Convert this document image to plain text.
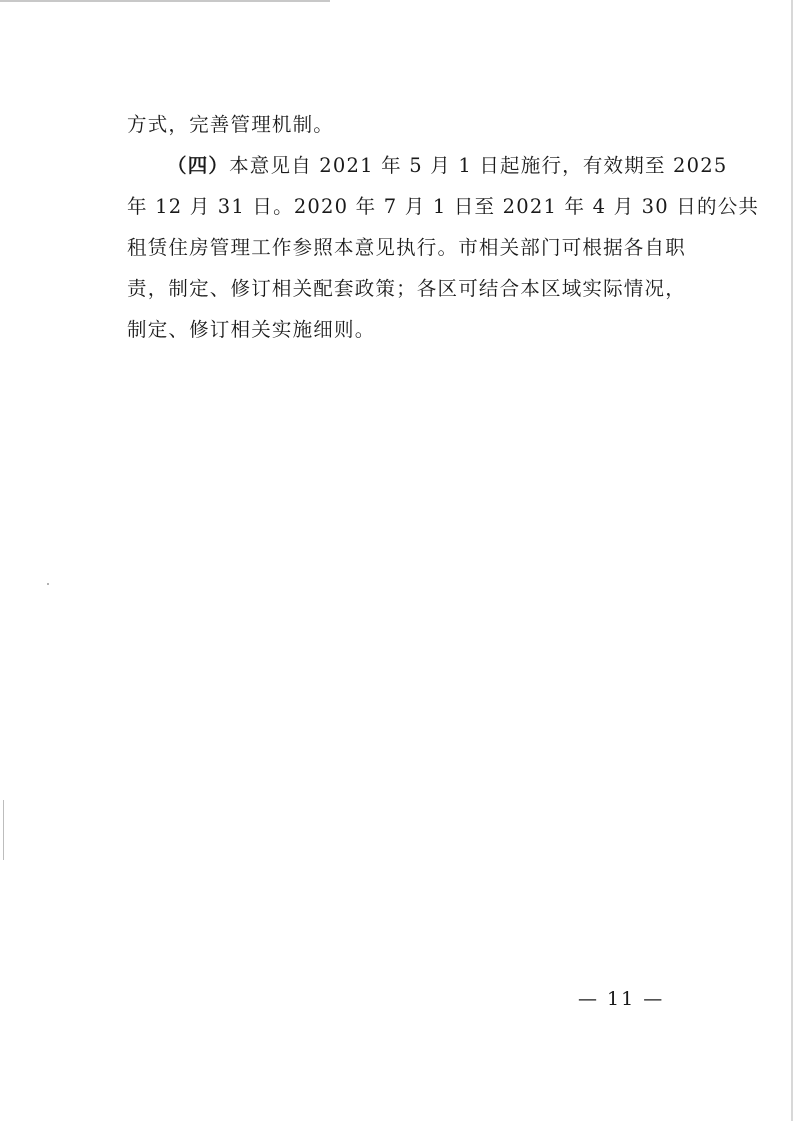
方式，完善管理机制。
（四）本意见自 2021 年 5 月 1 日起施行，有效期至 2025
年 12 月 31 日。2020 年 7 月 1 日至 2021 年 4 月 30 日的公共
租赁住房管理工作参照本意见执行。市相关部门可根据各自职
责，制定、修订相关配套政策；各区可结合本区域实际情况，
制定、修订相关实施细则。
— 11 —
